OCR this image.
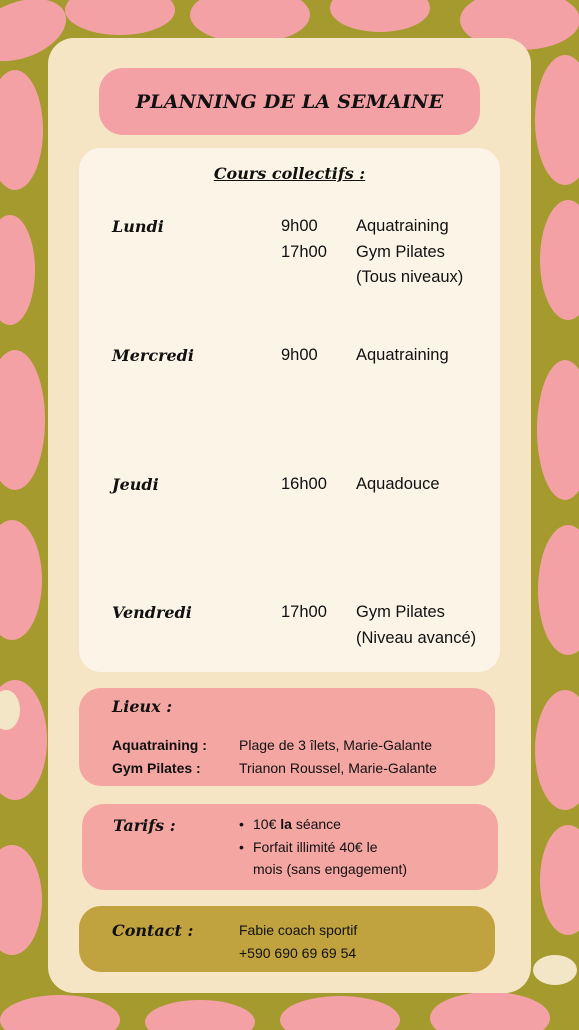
PLANNING DE LA SEMAINE
Cours collectifs :
Lundi	9h00
17h00
Aquatraining
Gym Pilates
(Tous niveaux)
Mercredi	9h00 Aquatraining
Jeudi	16h00 Aquadouce
Vendredi	17h00 Gym Pilates
(Niveau avancé)
Lieux :
Aquatraining :
Gym Pilates :
Plage de 3 îlets, Marie-Galante
Trianon Roussel, Marie-Galante
Tarifs :
•	10€ la séance
• Forfait illimité 40€ le
mois (sans engagement)
Contact :	Fabie coach sportif
+590 690 69 69 54
